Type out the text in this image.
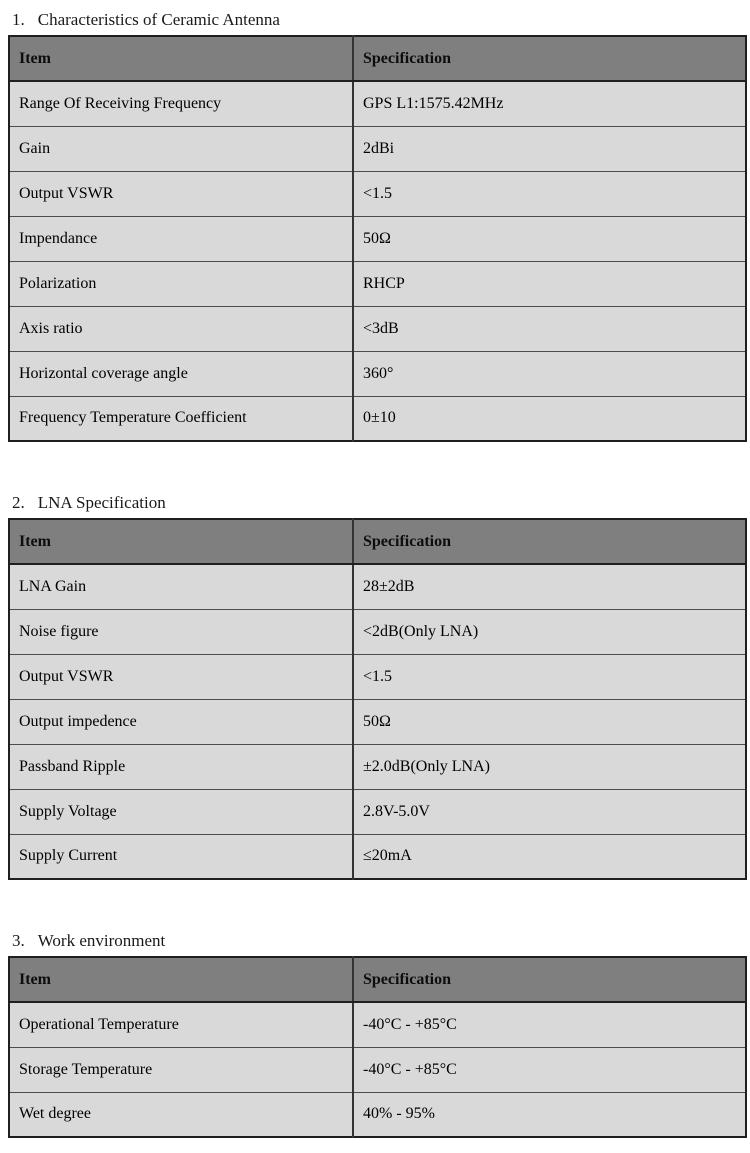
1. Characteristics of Ceramic Antenna
Item	Specification
Range Of Receiving Frequency	GPS L1:1575.42MHz
Gain	2dBi
Output VSWR	<1.5
Impendance	50Ω
Polarization	RHCP
Axis ratio	<3dB
Horizontal coverage angle	360°
Frequency Temperature Coefficient	0±10
2. LNA Specification
Item	Specification
LNA Gain	28±2dB
Noise figure	<2dB(Only LNA)
Output VSWR	<1.5
Output impedence	50Ω
Passband Ripple	±2.0dB(Only LNA)
Supply Voltage	2.8V-5.0V
Supply Current	≤20mA
3. Work environment
Item	Specification
Operational Temperature	-40°C - +85°C
Storage Temperature	-40°C - +85°C
Wet degree	40% - 95%
